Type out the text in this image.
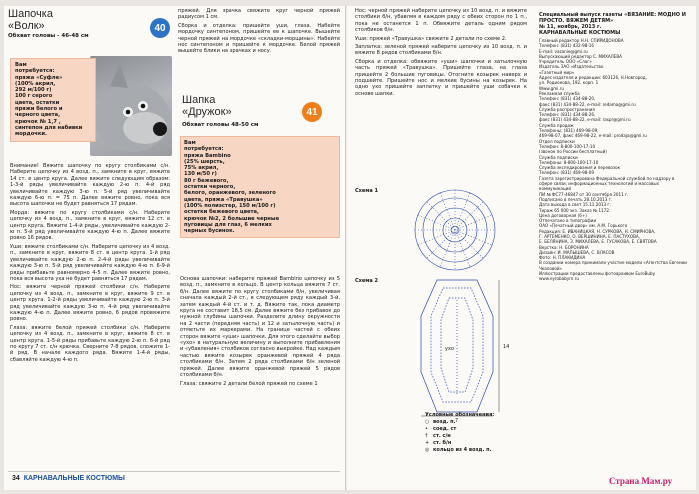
Шапочка
«Волк»
Обхват головы - 46-48 см
40
Вам
потребуется:
пряжа «Суфле»
(100% акрил,
292 м/100 г)
100 г серого
цвета, остатки
пряжи белого и
черного цвета,
крючок № 1,7 ,
синтепон для набивки мордочки.

Внимание! Вяжите шапочку по кругу столбиками с/н. Наберите цепочку из 4 возд. п., замкните в круг, вяжите 14 ст. в центр круга. Далее вяжите следующим образом: 1-3-й ряды увеличивайте каждую 2-ю п. 4-й ряд увеличивайте каждую 3-ю п. 5-й ряд увеличивайте каждую 6-ю п. = 75 п. Далее вяжите ровно, пока вся высота шапочки не будет равняться 17 рядам.

Морда: вяжите по кругу столбиками с/н. Наберите цепочку из 4 возд. п., замкните в круг, вяжите 12 ст. в центр круга. Вяжите 1-4-й ряды, увеличивайте каждую 2-ю п. 5-й ряд увеличивайте каждую 4-ю п. Далее вяжите ровно 16 рядов.

Уши: вяжите столбиками с/н. Наберите цепочку из 4 возд. п., замкните в круг, вяжите 8 ст. в центр круга. 1-й ряд увеличивайте каждую 2-ю п. 2-4-й ряды увеличивайте каждую 3-ю п. 5-й ряд увеличивайте каждую 4-ю п. 6-9-й ряды прибавьте равномерно 4-5 п. Далее вяжите ровно, пока вся высота уха не будет равняться 17 рядам.

Нос: вяжите черной пряжей столбики с/н. Наберите цепочку из 4 возд. п., замкните в круг, вяжите 9 ст. в центр круга. 1-2-й ряды увеличивайте каждую 2-ю п. 3-й ряд увеличивайте каждую 3-ю п. 4-й ряд увеличивайте каждую 4-ю п. Далее вяжите ровно, 6 рядов провяжите ровно.

Глаза: вяжите белой пряжей столбики с/н. Наберите цепочку из 4 возд. п., замкните в круг, вяжите 8 ст. в центр круга. 1-5-й ряды прибавьте каждую 2-ю п. 6-й ряд по кругу 7 ст. с/н крючка. Сверните 7-8 рядов, сложите 1-й ряд. В начале каждого ряда. Вяжите 1-4-й ряды, сбавляйте каждую 4-ю п.

пряжей. Для зрачка свяжите круг черной пряжей радиусом 1 см.

Сборка и отделка: пришейте уши, глаза. Набейте мордочку синтепоном, пришейте ее к шапочке. Вышейте черной пряжей на мордочке «складки-морщины». Набейте нос синтепоном и пришейте к мордочке. Белой пряжей вышейте блики на зрачках и носу.

Шапка
«Дружок»
Обхват головы 48-50 см
41
Вам
потребуется:
пряжа Bambino
(25% шерсть,
75% акрил,
130 м/50 г)
80 г бежевого,
остатки черного,
белого, оранжевого, зеленого
цвета, пряжа «Травушка»
(100% полиэстер, 150 м/100 г)
остатки бежевого цвета,
крючок №2, 2 большие черные
пуговицы для глаз, 6 мелких
черных бусинок.

Основа шапочки: наберите пряжей Bambino цепочку из 5 возд. п., замкните в кольцо. В центр кольца вяжите 7 ст. б/н. Далее вяжите по кругу столбиками б/н, увеличивая сначала каждый 2-й ст., в следующем ряду каждый 3-й, затем каждый 4-й ст. и т. д. Вяжите так, пока диаметр круга не составит 18,5 см. Далее вяжите без прибавок до нужной глубины шапочки. Разделите длину окружности на 2 части (передняя часть) и 12 и затылочную часть) и отметьте их маркерами. На границе частей с обеих сторон вяжите «уши» шапочки. Для этого сделайте выбор «ухо» в натуральную величину и выполните прибавления и «убавления» столбиков согласно выкройке. Над каждым частью вяжите козырек оранжевой пряжей 4 ряда столбиками б/н. Затем 2 ряда столбиками б/н зеленой пряжей. Далее вяжите оранжевой пряжей 5 рядов столбиками б/н.

Глаза: свяжите 2 детали белой пряжей по схеме 1

34 КАРНАВАЛЬНЫЕ КОСТЮМЫ

Нос: черной пряжей наберите цепочку из 10 возд. п. и вяжите столбики б/н, убавляя в каждом ряду с обеих сторон по 1 п., пока не останется 1 п. Обвяжите деталь одним рядом столбиков б/н.

Уши: пряжей «Травушка» свяжите 2 детали по схеме 2.

Заплатка: зеленой пряжей наберите цепочку из 10 возд. п. и вяжите 8 рядов столбиками б/н.

Сборка и отделка: обвяжите «уши» шапочки и затылочную часть пряжей «Травушка». Пришейте глаза, на глаза пришейте 2 большие пуговицы. Отогните козырек наверх и подшейте. Пришейте нос и мелкие бусины на козырек. На одно ухо пришейте заплатку и пришейте уши собачки к основе шапки.

Схема 1
Схема 2
14
7
ухо
Условные обозначения:
○ возд. п.
• соед. ст
† ст. с/н
+ ст. б/н
◎ кольцо из 4 возд. п.

Специальный выпуск газеты «ВЯЗАНИЕ: МОДНО И ПРОСТО. ВЯЖЕМ ДЕТЯМ»

№ 11, ноябрь, 2013 г.

КАРНАВАЛЬНЫЕ КОСТЮМЫ

Главный редактор Н.Н. СПИРИДОНОВА

Телефон: (831) 432-98-16

E-mail: vazanie@gmi.ru

Выпускающий редактор С. МИХАЛЕВА

Учредитель ООО «Слог»

Издатель ЗАО «Издательство

«Газетный мир»

Адрес издателя и редакции: 603126, Н.Новгород,

ул. Родионова, 192, корп. 1

Www.gmi.ru

Рекламная служба

Телефон: (831) 434-88-20,

факс (831) 434-88-22, e-mail: redama@gmi.ru

Служба распространения

Телефон: (831) 434-88-26,

факс (831) 434-88-22, e-mail: raspr@gmi.ru

Служба продаж

Телефоны: (831) 469-98-09,

469-98-07, факс 469-98-22, e-mail: prodaja@gmi.ru

Отдел подписки

Телефон: 8-800-100-17-10

(звонок по России бесплатный)

Служба подписки

Телефоны: 8-800-100-17-10

Служба экспедирования и перевозок

Телефон: (831) 469-98-09

Газета зарегистрирована Федеральной службой по надзору в сфере связи, информационных технологий и массовых коммуникаций

ПИ № ФС77-46847 от 30 сентября 2011 г.

Подписано в печать 28.10.2013 г.

Дата выхода в свет 15.11.2013 г.

Тираж 65 000 экз. Заказ № 1172.

Цена договорная (6+)

Отпечатано в типографии

ОАО «Печатный двор» им. А.М. Горького

Редакция: Е. ИВАНИЦКАЯ, Н. СУРКОВА, Н. СМИРНОВА,

Г. АРТЕМЕНКО, О. ВЕРШИНИНА, Е. ПАСТУХОВА,

Е. БЕЛЯНИНА, З. МИХАЛЕВА, Е. ГУСАКОВА, Е. СВЯТОВА

Верстка: Н. БОРОНИНА

Дизайн: И. МАЛЫШЕВА, С. ВЛАСОВ

Фото: Н. ПЛАКИДИНА

В создании номера принимали участие модели «Агентства Евгении Чкаловой»

Иллюстрации предоставлены фотоархивом EuroBuby www.eyrobabyrn.ru

Страна Мам.ру
